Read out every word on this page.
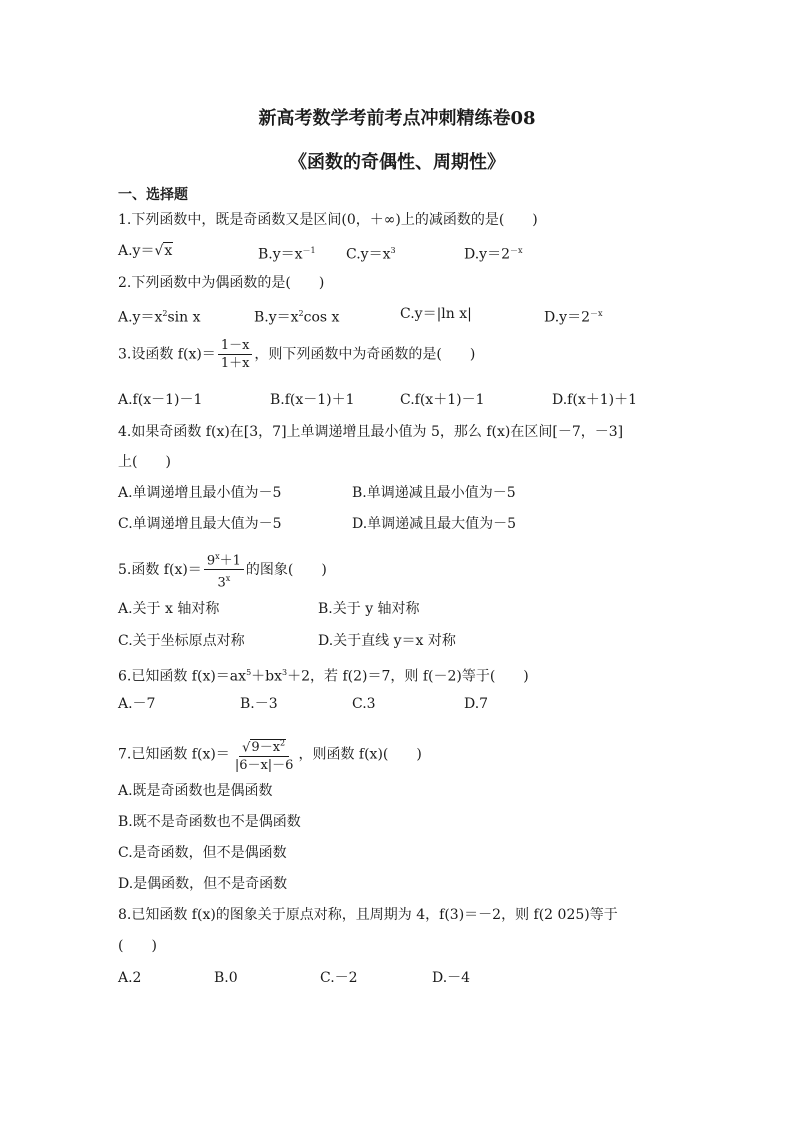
新高考数学考前考点冲刺精练卷08
《函数的奇偶性、周期性》
一、选择题
1.下列函数中，既是奇函数又是区间(0，＋∞)上的减函数的是(　　)
A.y＝√x	$B.y=x^{-1}$ $C.y=x^3$	$D.y=2^{-x}$
2.下列函数中为偶函数的是(　　)
$A.y=x^2\sin$ x	$B.y=x^2\cos$ x	C.y＝|ln x|	$D.y=2^{-x}$
3.设函数 $f(x)= \frac{1-x}{1+x}$ ，则下列函数中为奇函数的是(　　)
A.f(x－1)－1	B.f(x－1)＋1	C.f(x＋1)－1	D.f(x＋1)＋1
4.如果奇函数 f(x)在[3，7]上单调递增且最小值为 5，那么 f(x)在区间[－7，－3]
上(　　)
A.单调递增且最小值为－5	B.单调递减且最小值为－5
C.单调递增且最大值为－5	D.单调递减且最大值为－5
5.函数 $f(x)= \frac{9^x+1}{3^x}$ 的图象(　　)
A.关于 x 轴对称	B.关于 y 轴对称
C.关于坐标原点对称	D.关于直线 y＝x 对称
6.已知函数 $f(x)=ax^5+bx^3+2$，若 f(2)＝7，则 f(－2)等于(　　)
A.－7	B.－3	C.3	D.7
7.已知函数 $f(x)= \frac{√9-x^2}{|6-x|-6}$ ，则函数 f(x)(　　)
A.既是奇函数也是偶函数
B.既不是奇函数也不是偶函数
C.是奇函数，但不是偶函数
D.是偶函数，但不是奇函数
8.已知函数 f(x)的图象关于原点对称，且周期为 4，f(3)＝－2，则 f(2 025)等于
(　　)
A.2	B.0	C.－2	D.－4
